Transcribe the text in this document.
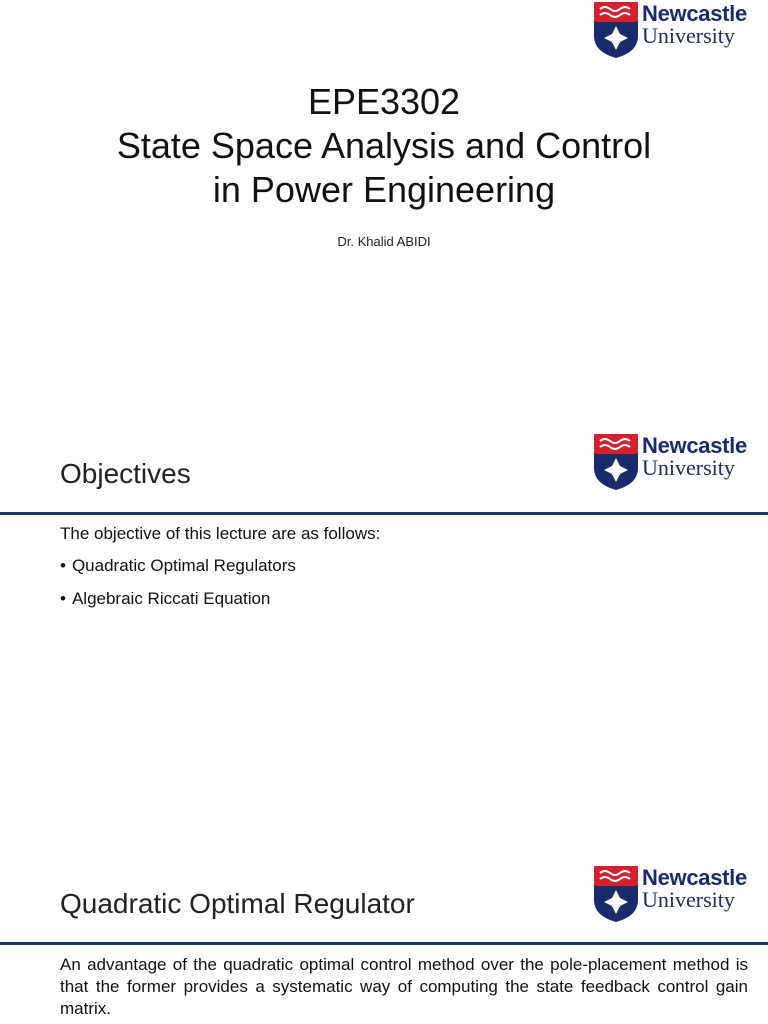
Newcastle
University
EPE3302
State Space Analysis and Control
in Power Engineering
Dr. Khalid ABIDI
Newcastle
University
Objectives
The objective of this lecture are as follows:
• Quadratic Optimal Regulators
• Algebraic Riccati Equation
Newcastle
University
Quadratic Optimal Regulator

An advantage of the quadratic optimal control method over the pole-placement method is that the former provides a systematic way of computing the state feedback control gain matrix.
